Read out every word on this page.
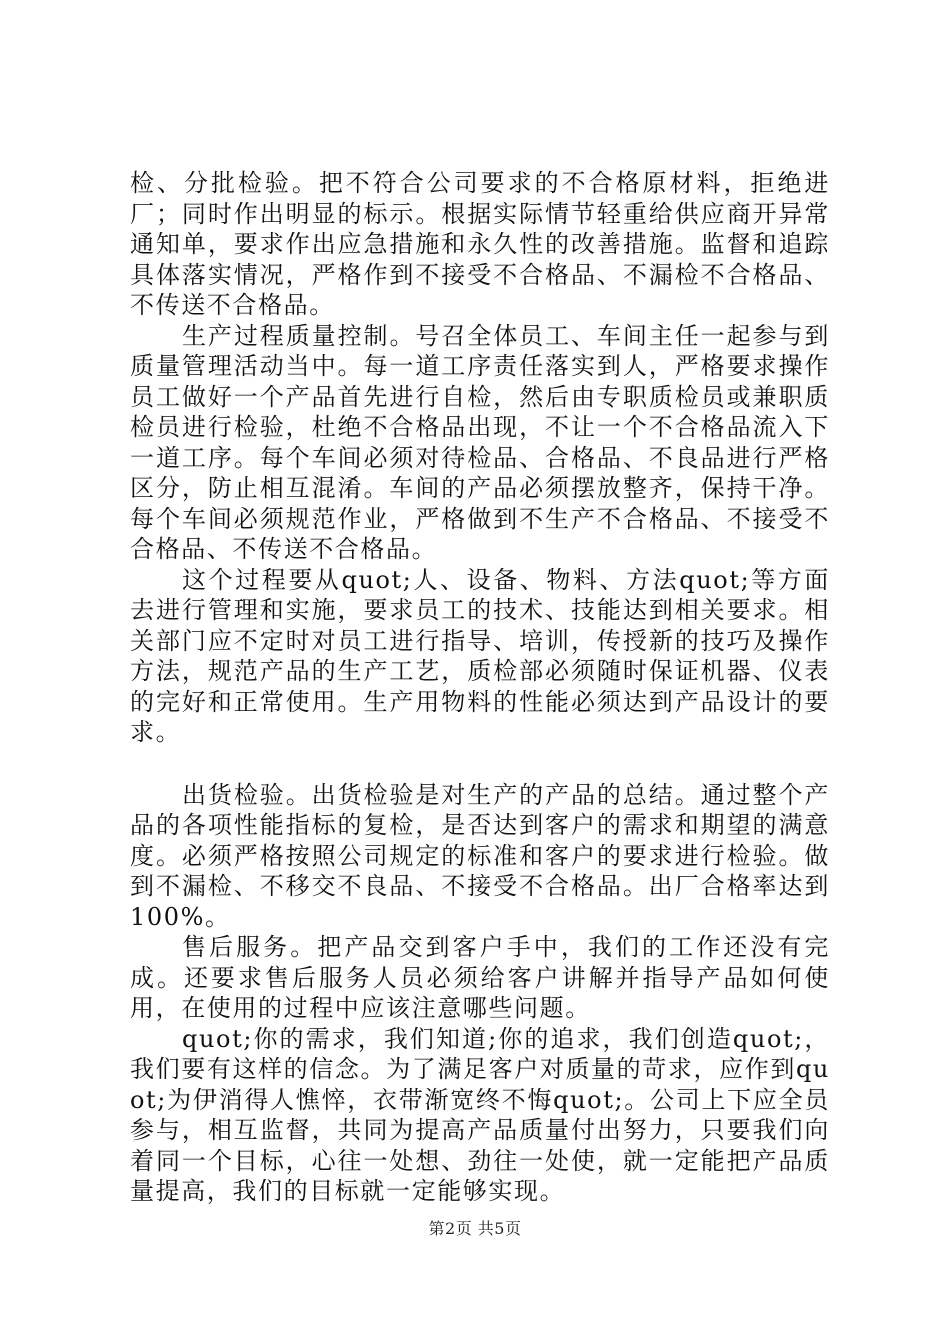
检、分批检验。把不符合公司要求的不合格原材料，拒绝进厂；同时作出明显的标示。根据实际情节轻重给供应商开异常通知单，要求作出应急措施和永久性的改善措施。监督和追踪具体落实情况，严格作到不接受不合格品、不漏检不合格品、不传送不合格品。

生产过程质量控制。号召全体员工、车间主任一起参与到质量管理活动当中。每一道工序责任落实到人，严格要求操作员工做好一个产品首先进行自检，然后由专职质检员或兼职质检员进行检验，杜绝不合格品出现，不让一个不合格品流入下一道工序。每个车间必须对待检品、合格品、不良品进行严格区分，防止相互混淆。车间的产品必须摆放整齐，保持干净。每个车间必须规范作业，严格做到不生产不合格品、不接受不合格品、不传送不合格品。

这个过程要从quot;人、设备、物料、方法quot;等方面去进行管理和实施，要求员工的技术、技能达到相关要求。相关部门应不定时对员工进行指导、培训，传授新的技巧及操作方法，规范产品的生产工艺，质检部必须随时保证机器、仪表的完好和正常使用。生产用物料的性能必须达到产品设计的要求。

出货检验。出货检验是对生产的产品的总结。通过整个产品的各项性能指标的复检，是否达到客户的需求和期望的满意度。必须严格按照公司规定的标准和客户的要求进行检验。做到不漏检、不移交不良品、不接受不合格品。出厂合格率达到100%。

售后服务。把产品交到客户手中，我们的工作还没有完成。还要求售后服务人员必须给客户讲解并指导产品如何使用，在使用的过程中应该注意哪些问题。

quot;你的需求，我们知道;你的追求，我们创造quot;，我们要有这样的信念。为了满足客户对质量的苛求，应作到quot;为伊消得人憔悴，衣带渐宽终不悔quot;。公司上下应全员参与，相互监督，共同为提高产品质量付出努力，只要我们向着同一个目标，心往一处想、劲往一处使，就一定能把产品质量提高，我们的目标就一定能够实现。

第2页 共5页
